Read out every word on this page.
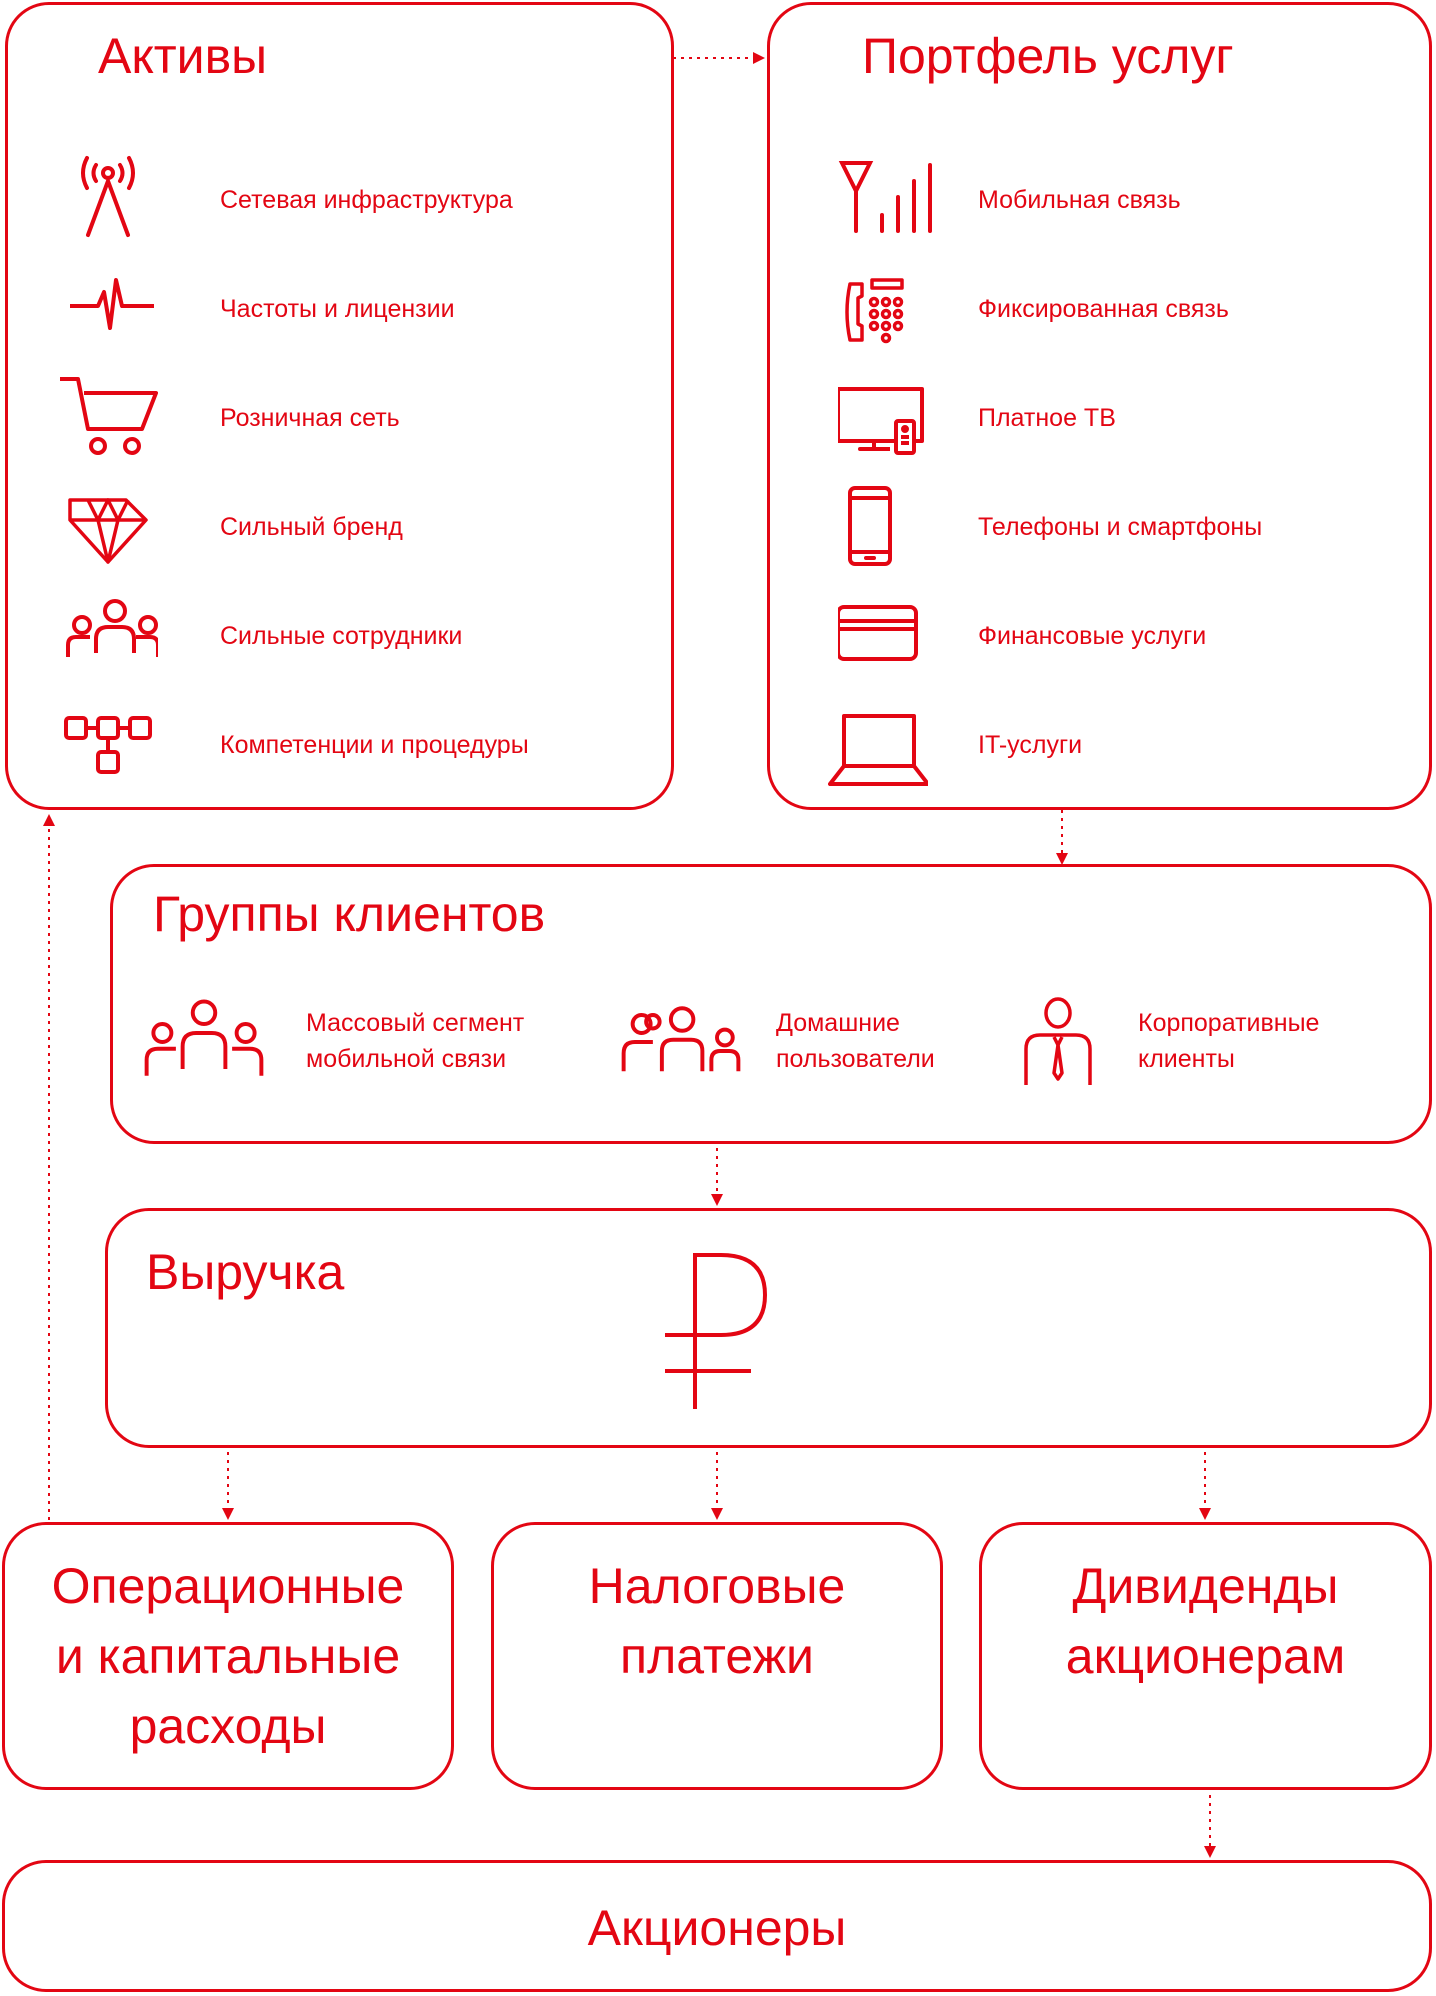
Активы
Сетевая инфраструктура
Частоты и лицензии
Розничная сеть
Сильный бренд
Сильные сотрудники
Компетенции и процедуры
Портфель услуг
Мобильная связь
Фиксированная связь
Платное ТВ
Телефоны и смартфоны
Финансовые услуги
IT-услуги
Группы клиентов
Массовый сегмент
мобильной связи
Домашние
пользователи
Корпоративные
клиенты
Выручка
Операционные
и капитальные
расходы
Налоговые
платежи
Дивиденды
акционерам
Акционеры
